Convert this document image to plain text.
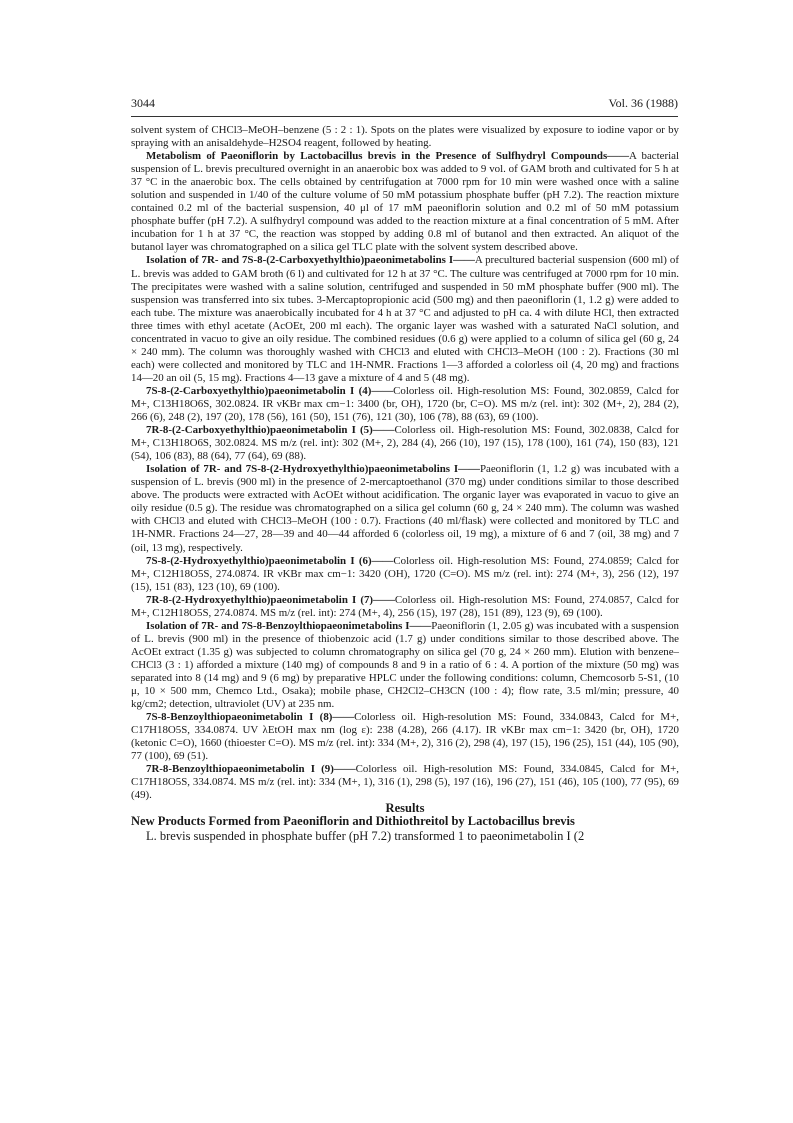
3044	Vol. 36 (1988)

solvent system of CHCl3–MeOH–benzene (5 : 2 : 1). Spots on the plates were visualized by exposure to iodine vapor or by spraying with an anisaldehyde–H2SO4 reagent, followed by heating.

Metabolism of Paeoniflorin by Lactobacillus brevis in the Presence of Sulfhydryl Compounds——A bacterial suspension of L. brevis precultured overnight in an anaerobic box was added to 9 vol. of GAM broth and cultivated for 5 h at 37 °C in the anaerobic box. The cells obtained by centrifugation at 7000 rpm for 10 min were washed once with a saline solution and suspended in 1/40 of the culture volume of 50 mM potassium phosphate buffer (pH 7.2). The reaction mixture contained 0.2 ml of the bacterial suspension, 40 μl of 17 mM paeoniflorin solution and 0.2 ml of 50 mM potassium phosphate buffer (pH 7.2). A sulfhydryl compound was added to the reaction mixture at a final concentration of 5 mM. After incubation for 1 h at 37 °C, the reaction was stopped by adding 0.8 ml of butanol and then extracted. An aliquot of the butanol layer was chromatographed on a silica gel TLC plate with the solvent system described above.

Isolation of 7R- and 7S-8-(2-Carboxyethylthio)paeonimetabolins I——A precultured bacterial suspension (600 ml) of L. brevis was added to GAM broth (6 l) and cultivated for 12 h at 37 °C. The culture was centrifuged at 7000 rpm for 10 min. The precipitates were washed with a saline solution, centrifuged and suspended in 50 mM phosphate buffer (900 ml). The suspension was transferred into six tubes. 3-Mercaptopropionic acid (500 mg) and then paeoniflorin (1, 1.2 g) were added to each tube. The mixture was anaerobically incubated for 4 h at 37 °C and adjusted to pH ca. 4 with dilute HCl, then extracted three times with ethyl acetate (AcOEt, 200 ml each). The organic layer was washed with a saturated NaCl solution, and concentrated in vacuo to give an oily residue. The combined residues (0.6 g) were applied to a column of silica gel (60 g, 24 × 240 mm). The column was thoroughly washed with CHCl3 and eluted with CHCl3–MeOH (100 : 2). Fractions (30 ml each) were collected and monitored by TLC and 1H-NMR. Fractions 1—3 afforded a colorless oil (4, 20 mg) and fractions 14—20 an oil (5, 15 mg). Fractions 4—13 gave a mixture of 4 and 5 (48 mg).

7S-8-(2-Carboxyethylthio)paeonimetabolin I (4)——Colorless oil. High-resolution MS: Found, 302.0859, Calcd for M+, C13H18O6S, 302.0824. IR νKBr max cm−1: 3400 (br, OH), 1720 (br, C=O). MS m/z (rel. int): 302 (M+, 2), 284 (2), 266 (6), 248 (2), 197 (20), 178 (56), 161 (50), 151 (76), 121 (30), 106 (78), 88 (63), 69 (100).

7R-8-(2-Carboxyethylthio)paeonimetabolin I (5)——Colorless oil. High-resolution MS: Found, 302.0838, Calcd for M+, C13H18O6S, 302.0824. MS m/z (rel. int): 302 (M+, 2), 284 (4), 266 (10), 197 (15), 178 (100), 161 (74), 150 (83), 121 (54), 106 (83), 88 (64), 77 (64), 69 (88).

Isolation of 7R- and 7S-8-(2-Hydroxyethylthio)paeonimetabolins I——Paeoniflorin (1, 1.2 g) was incubated with a suspension of L. brevis (900 ml) in the presence of 2-mercaptoethanol (370 mg) under conditions similar to those described above. The products were extracted with AcOEt without acidification. The organic layer was evaporated in vacuo to give an oily residue (0.5 g). The residue was chromatographed on a silica gel column (60 g, 24 × 240 mm). The column was washed with CHCl3 and eluted with CHCl3–MeOH (100 : 0.7). Fractions (40 ml/flask) were collected and monitored by TLC and 1H-NMR. Fractions 24—27, 28—39 and 40—44 afforded 6 (colorless oil, 19 mg), a mixture of 6 and 7 (oil, 38 mg) and 7 (oil, 13 mg), respectively.

7S-8-(2-Hydroxyethylthio)paeonimetabolin I (6)——Colorless oil. High-resolution MS: Found, 274.0859; Calcd for M+, C12H18O5S, 274.0874. IR νKBr max cm−1: 3420 (OH), 1720 (C=O). MS m/z (rel. int): 274 (M+, 3), 256 (12), 197 (15), 151 (83), 123 (10), 69 (100).

7R-8-(2-Hydroxyethylthio)paeonimetabolin I (7)——Colorless oil. High-resolution MS: Found, 274.0857, Calcd for M+, C12H18O5S, 274.0874. MS m/z (rel. int): 274 (M+, 4), 256 (15), 197 (28), 151 (89), 123 (9), 69 (100).

Isolation of 7R- and 7S-8-Benzoylthiopaeonimetabolins I——Paeoniflorin (1, 2.05 g) was incubated with a suspension of L. brevis (900 ml) in the presence of thiobenzoic acid (1.7 g) under conditions similar to those described above. The AcOEt extract (1.35 g) was subjected to column chromatography on silica gel (70 g, 24 × 260 mm). Elution with benzene–CHCl3 (3 : 1) afforded a mixture (140 mg) of compounds 8 and 9 in a ratio of 6 : 4. A portion of the mixture (50 mg) was separated into 8 (14 mg) and 9 (6 mg) by preparative HPLC under the following conditions: column, Chemcosorb 5-S1, (10 μ, 10 × 500 mm, Chemco Ltd., Osaka); mobile phase, CH2Cl2–CH3CN (100 : 4); flow rate, 3.5 ml/min; pressure, 40 kg/cm2; detection, ultraviolet (UV) at 235 nm.

7S-8-Benzoylthiopaeonimetabolin I (8)——Colorless oil. High-resolution MS: Found, 334.0843, Calcd for M+, C17H18O5S, 334.0874. UV λEtOH max nm (log ε): 238 (4.28), 266 (4.17). IR νKBr max cm−1: 3420 (br, OH), 1720 (ketonic C=O), 1660 (thioester C=O). MS m/z (rel. int): 334 (M+, 2), 316 (2), 298 (4), 197 (15), 196 (25), 151 (44), 105 (90), 77 (100), 69 (51).

7R-8-Benzoylthiopaeonimetabolin I (9)——Colorless oil. High-resolution MS: Found, 334.0845, Calcd for M+, C17H18O5S, 334.0874. MS m/z (rel. int): 334 (M+, 1), 316 (1), 298 (5), 197 (16), 196 (27), 151 (46), 105 (100), 77 (95), 69 (49).

Results

New Products Formed from Paeoniflorin and Dithiothreitol by Lactobacillus brevis

L. brevis suspended in phosphate buffer (pH 7.2) transformed 1 to paeonimetabolin I (2
